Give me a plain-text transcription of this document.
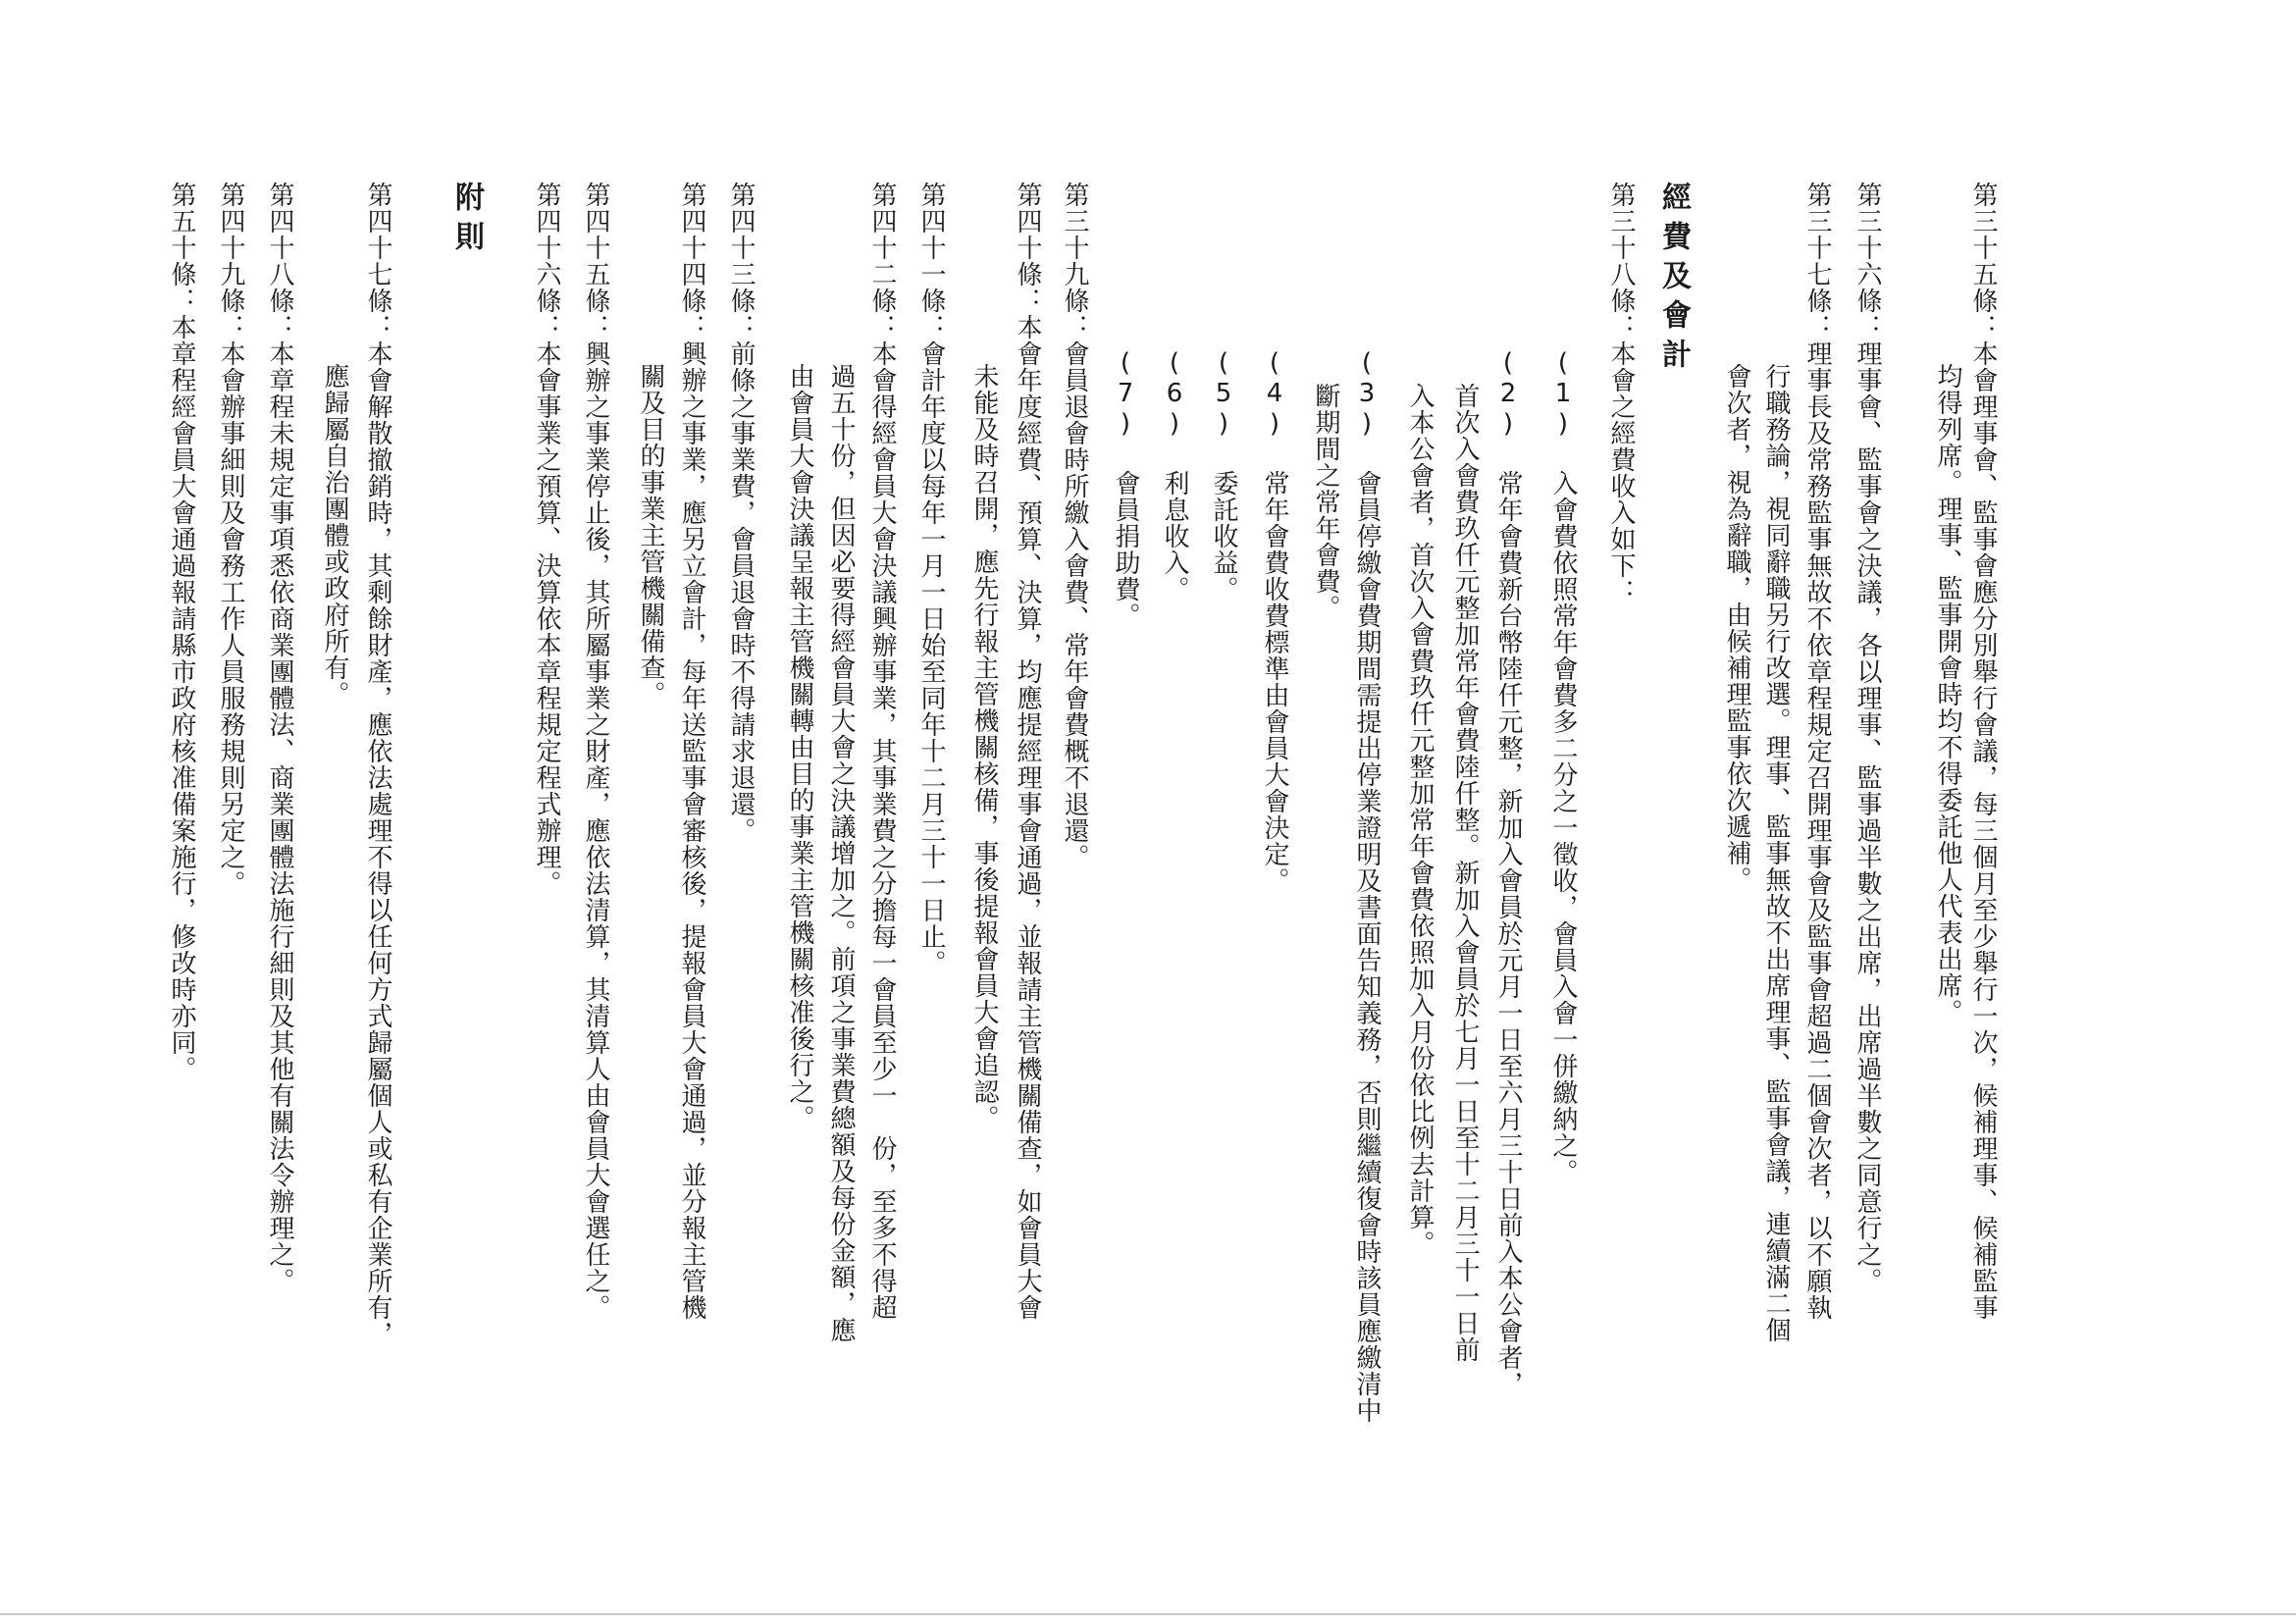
第三十五條：本會理事會、監事會應分別舉行會議，每三個月至少舉行一次，候補理事、候補監事
均得列席。理事、監事開會時均不得委託他人代表出席。
第三十六條：理事會、監事會之決議，各以理事、監事過半數之出席，出席過半數之同意行之。
第三十七條：理事長及常務監事無故不依章程規定召開理事會及監事會超過二個會次者，以不願執
行職務論，視同辭職另行改選。理事、監事無故不出席理事、監事會議，連續滿二個
會次者，視為辭職，由候補理監事依次遞補。
經費及會計
第三十八條：本會之經費收入如下：
(1) 入會費依照常年會費多二分之一徵收，會員入會一併繳納之。
(2) 常年會費新台幣陸仟元整，新加入會員於元月一日至六月三十日前入本公會者，
首次入會費玖仟元整加常年會費陸仟整。新加入會員於七月一日至十二月三十一日前
入本公會者，首次入會費玖仟元整加常年會費依照加入月份依比例去計算。
(3) 會員停繳會費期間需提出停業證明及書面告知義務，否則繼續復會時該員應繳清中
斷期間之常年會費。
(4) 常年會費收費標準由會員大會決定。
(5) 委託收益。
(6) 利息收入。
(7) 會員捐助費。
第三十九條：會員退會時所繳入會費、常年會費概不退還。
第四十條：本會年度經費、預算、決算，均應提經理事會通過，並報請主管機關備查，如會員大會
未能及時召開，應先行報主管機關核備，事後提報會員大會追認。
第四十一條：會計年度以每年一月一日始至同年十二月三十一日止。
第四十二條：本會得經會員大會決議興辦事業，其事業費之分擔每一會員至少一　份，至多不得超
過五十份，但因必要得經會員大會之決議增加之。前項之事業費總額及每份金額，應
由會員大會決議呈報主管機關轉由目的事業主管機關核准後行之。
第四十三條：前條之事業費，會員退會時不得請求退還。
第四十四條：興辦之事業，應另立會計，每年送監事會審核後，提報會員大會通過，並分報主管機
關及目的事業主管機關備查。
第四十五條：興辦之事業停止後，其所屬事業之財產，應依法清算，其清算人由會員大會選任之。
第四十六條：本會事業之預算、決算依本章程規定程式辦理。
附則
第四十七條：本會解散撤銷時，其剩餘財產，應依法處理不得以任何方式歸屬個人或私有企業所有，
應歸屬自治團體或政府所有。
第四十八條：本章程未規定事項悉依商業團體法、商業團體法施行細則及其他有關法令辦理之。
第四十九條：本會辦事細則及會務工作人員服務規則另定之。
第五十條：本章程經會員大會通過報請縣市政府核准備案施行，修改時亦同。
